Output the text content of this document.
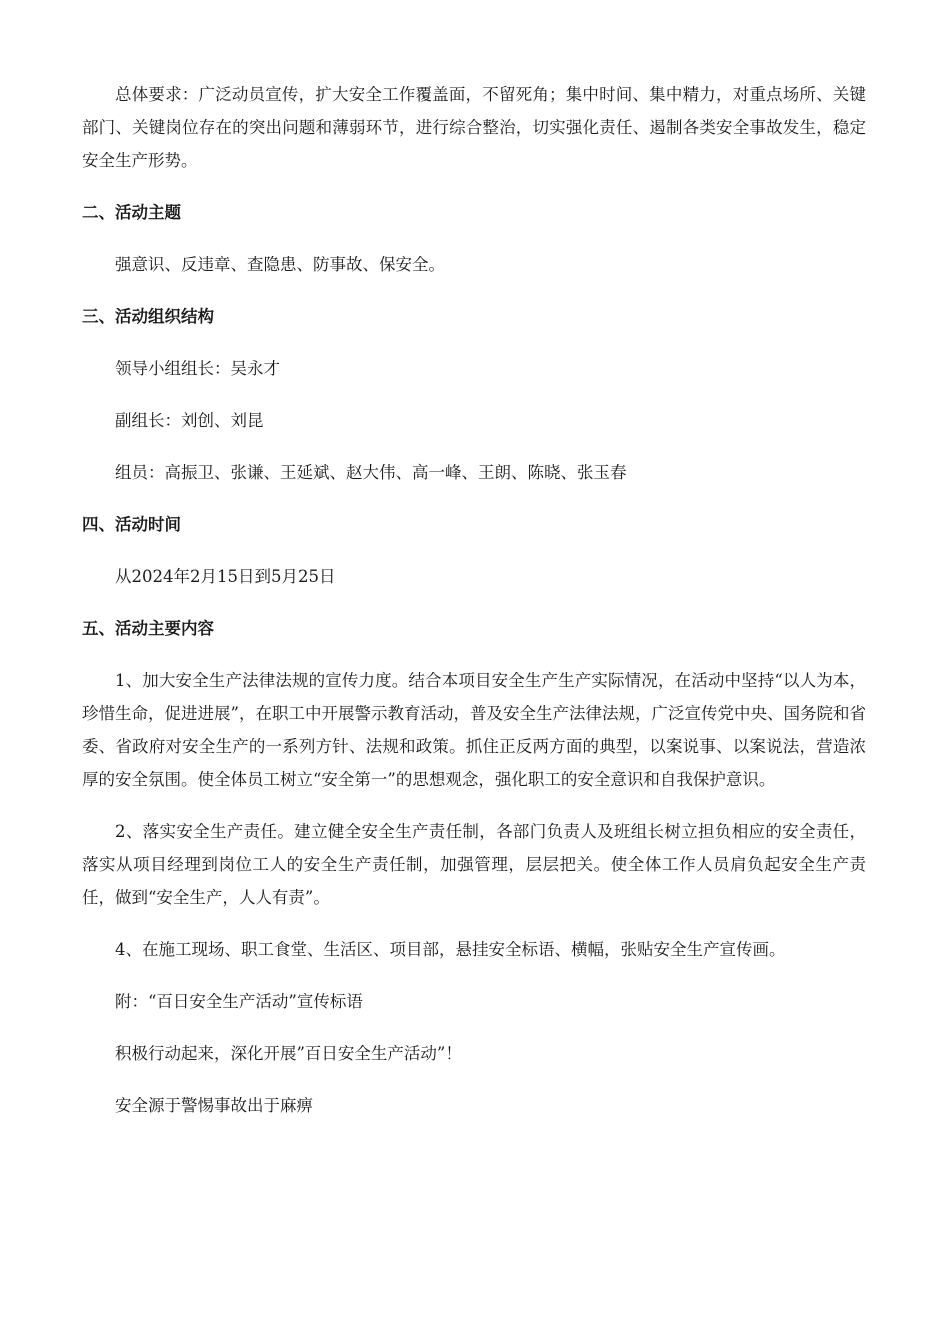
总体要求：广泛动员宣传，扩大安全工作覆盖面，不留死角；集中时间、集中精力，对重点场所、关键部门、关键岗位存在的突出问题和薄弱环节，进行综合整治，切实强化责任、遏制各类安全事故发生，稳定安全生产形势。

二、活动主题

强意识、反违章、查隐患、防事故、保安全。

三、活动组织结构

领导小组组长：吴永才

副组长：刘创、刘昆

组员：高振卫、张谦、王延斌、赵大伟、高一峰、王朗、陈晓、张玉春

四、活动时间

从2024年2月15日到5月25日

五、活动主要内容

1、加大安全生产法律法规的宣传力度。结合本项目安全生产生产实际情况，在活动中坚持“以人为本，珍惜生命，促进进展”，在职工中开展警示教育活动，普及安全生产法律法规，广泛宣传党中央、国务院和省委、省政府对安全生产的一系列方针、法规和政策。抓住正反两方面的典型，以案说事、以案说法，营造浓厚的安全氛围。使全体员工树立“安全第一”的思想观念，强化职工的安全意识和自我保护意识。

2、落实安全生产责任。建立健全安全生产责任制，各部门负责人及班组长树立担负相应的安全责任，落实从项目经理到岗位工人的安全生产责任制，加强管理，层层把关。使全体工作人员肩负起安全生产责任，做到“安全生产，人人有责”。

4、在施工现场、职工食堂、生活区、项目部，悬挂安全标语、横幅，张贴安全生产宣传画。

附：“百日安全生产活动”宣传标语

积极行动起来，深化开展”百日安全生产活动”！

安全源于警惕事故出于麻痹
